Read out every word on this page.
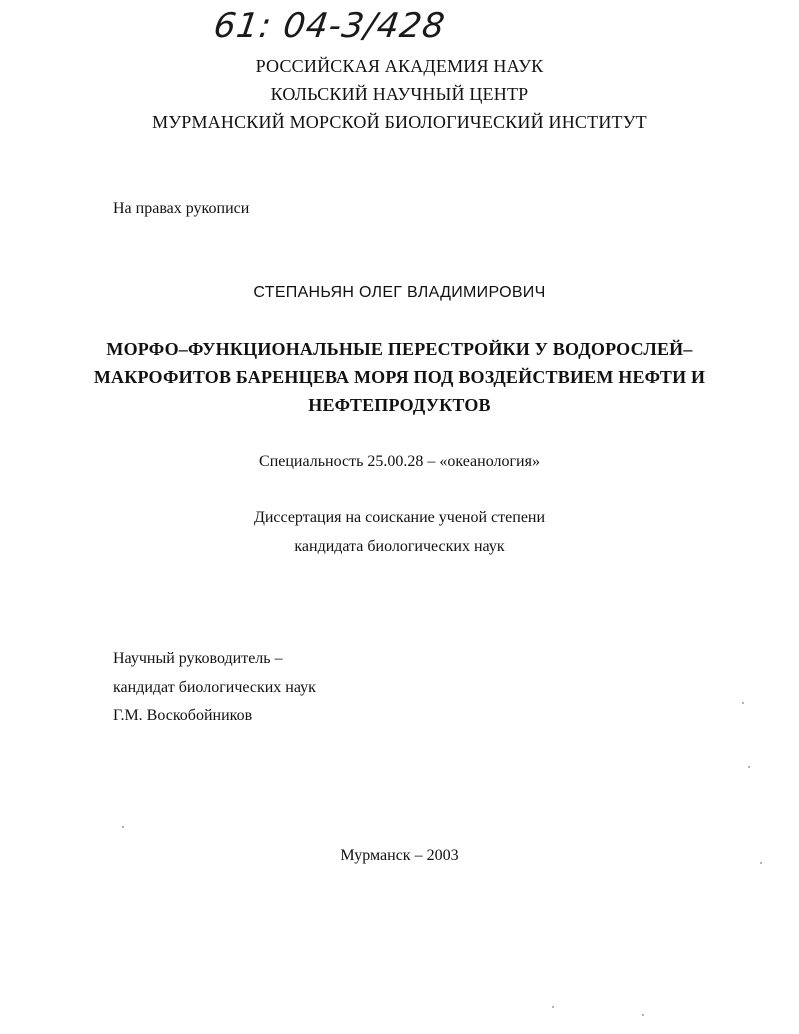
61: 04-3/428
РОССИЙСКАЯ АКАДЕМИЯ НАУК
КОЛЬСКИЙ НАУЧНЫЙ ЦЕНТР
МУРМАНСКИЙ МОРСКОЙ БИОЛОГИЧЕСКИЙ ИНСТИТУТ
На правах рукописи
СТЕПАНЬЯН ОЛЕГ ВЛАДИМИРОВИЧ
МОРФО–ФУНКЦИОНАЛЬНЫЕ ПЕРЕСТРОЙКИ У ВОДОРОСЛЕЙ–
МАКРОФИТОВ БАРЕНЦЕВА МОРЯ ПОД ВОЗДЕЙСТВИЕМ НЕФТИ И
НЕФТЕПРОДУКТОВ
Специальность 25.00.28 – «океанология»
Диссертация на соискание ученой степени
кандидата биологических наук
Научный руководитель –
кандидат биологических наук
Г.М. Воскобойников
Мурманск – 2003
